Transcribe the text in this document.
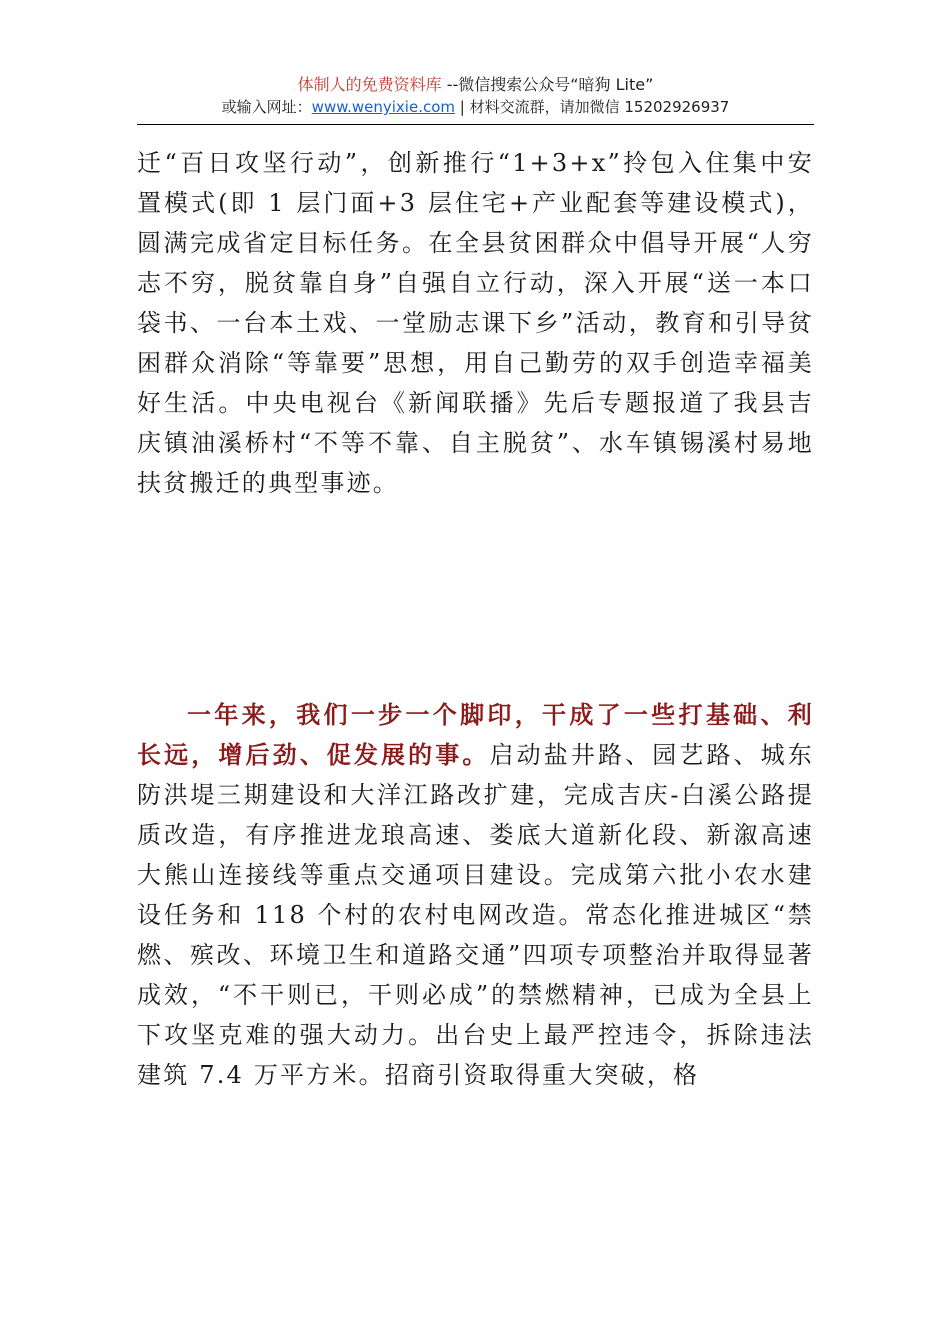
体制人的免费资料库 --微信搜索公众号“暗狗 Lite”
或输入网址：www.wenyixie.com | 材料交流群，请加微信 15202926937
迁“百日攻坚行动”，创新推行“1+3+x”拎包入住集中安置模式(即 1 层门面+3 层住宅+产业配套等建设模式)，圆满完成省定目标任务。在全县贫困群众中倡导开展“人穷志不穷，脱贫靠自身”自强自立行动，深入开展“送一本口袋书、一台本土戏、一堂励志课下乡”活动，教育和引导贫困群众消除“等靠要”思想，用自己勤劳的双手创造幸福美好生活。中央电视台《新闻联播》先后专题报道了我县吉庆镇油溪桥村“不等不靠、自主脱贫”、水车镇锡溪村易地扶贫搬迁的典型事迹。
一年来，我们一步一个脚印，干成了一些打基础、利长远，增后劲、促发展的事。启动盐井路、园艺路、城东防洪堤三期建设和大洋江路改扩建，完成吉庆-白溪公路提质改造，有序推进龙琅高速、娄底大道新化段、新溆高速大熊山连接线等重点交通项目建设。完成第六批小农水建设任务和 118 个村的农村电网改造。常态化推进城区“禁燃、殡改、环境卫生和道路交通”四项专项整治并取得显著成效，“不干则已，干则必成”的禁燃精神，已成为全县上下攻坚克难的强大动力。出台史上最严控违令，拆除违法建筑 7.4 万平方米。招商引资取得重大突破，格
